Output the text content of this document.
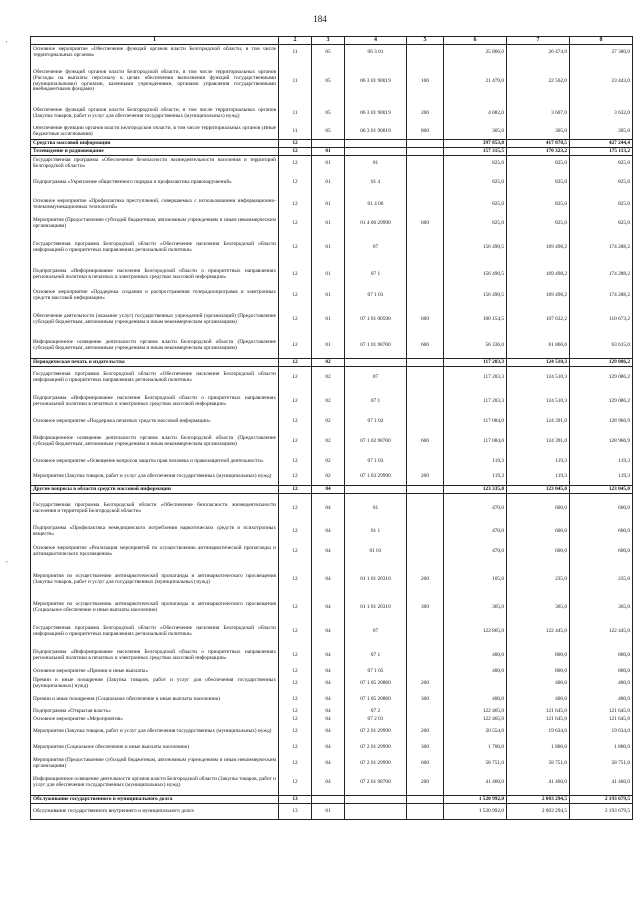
184
'
,
1	2	3	4	5	6	7	8
Основное мероприятие «Обеспечение функций органов власти Белгородской области, в том числе территориальных органов»	11	05	06 3 01		25 866,0	26 474,0	27 380,0
Обеспечение функций органов власти Белгородской области, в том числе территориальных органов (Расходы на выплаты персоналу в целях обеспечения выполнения функций государственными (муниципальными) органами, казенными учреждениями, органами управления государственными внебюджетными фондами)	11	05	06 3 01 90019	100	21 479,0	22 562,0	23 443,0
Обеспечение функций органов власти Белгородской области, в том числе территориальных органов (Закупка товаров, работ и услуг для обеспечения государственных (муниципальных) нужд)	11	05	06 3 01 90019	200	4 082,0	3 607,0	3 632,0
Обеспечение функций органов власти Белгородской области, в том числе территориальных органов (Иные бюджетные ассигнования)	11	05	06 3 01 90019	800	305,0	305,0	305,0
Средства массовой информации	12				397 853,8	417 878,5	427 244,4
Телевидение и радиовещание	12	01			157 315,5	170 323,2	175 113,2
Государственная программа «Обеспечение безопасности жизнедеятельности населения и территорий Белгородской области»	12	01	01		825,0	825,0	825,0
Подпрограмма «Укрепление общественного порядка и профилактика правонарушений»	12	01	01 4		825,0	825,0	825,0
Основное мероприятие «Профилактика преступлений, совершаемых с использованием информационно-телекоммуникационных технологий»	12	01	01 4 06		825,0	825,0	825,0
Мероприятия (Предоставление субсидий бюджетным, автономным учреждениям и иным некоммерческим организациям)	12	01	01 4 06 29990	600	825,0	825,0	825,0
Государственная программа Белгородской области «Обеспечение населения Белгородской области информацией о приоритетных направлениях региональной политики»	12	01	07		156 490,5	169 498,2	174 288,2
Подпрограмма «Информирование населения Белгородской области о приоритетных направлениях региональной политики в печатных и электронных средствах массовой информации»	12	01	07 1		156 490,5	169 498,2	174 288,2
Основное мероприятие «Поддержка создания и распространения телерадиопрограмм и электронных средств массовой информации»	12	01	07 1 01		156 490,5	169 498,2	174 288,2
Обеспечение деятельности (оказание услуг) государственных учреждений (организаций) (Предоставление субсидий бюджетным, автономным учреждениям и иным некоммерческим организациям)	12	01	07 1 01 00590	600	100 154,5	107 632,2	110 673,2
Информационное освещение деятельности органов власти Белгородской области (Предоставление субсидий бюджетным, автономным учреждениям и иным некоммерческим организациям)	12	01	07 1 01 98700	600	56 336,0	61 866,0	63 615,0
Периодическая печать и издательства	12	02			117 203,3	124 510,3	129 086,2
Государственная программа Белгородской области «Обеспечение населения Белгородской области информацией о приоритетных направлениях региональной политики»	12	02	07		117 203,3	124 510,3	129 086,2
Подпрограмма «Информирование населения Белгородской области о приоритетных направлениях региональной политики в печатных и электронных средствах массовой информации»	12	02	07 1		117 203,3	124 510,3	129 086,2
Основное мероприятие «Поддержка печатных средств массовой информации»	12	02	07 1 02		117 084,0	124 391,0	128 966,9
Информационное освещение деятельности органов власти Белгородской области (Предоставление субсидий бюджетным, автономным учреждениям и иным некоммерческим организациям)	12	02	07 1 02 98700	600	117 084,0	124 391,0	128 966,9
Основное мероприятие «Освещение вопросов защиты прав человека и правозащитной деятельности»	12	02	07 1 03		119,3	119,3	119,3
Мероприятия (Закупка товаров, работ и услуг для обеспечения государственных (муниципальных) нужд)	12	02	07 1 03 29990	200	119,3	119,3	119,3
Другие вопросы в области средств массовой информации	12	04			123 335,0	123 045,0	123 045,0
Государственная программа Белгородской области «Обеспечение безопасности жизнедеятельности населения и территорий Белгородской области»	12	04	01		470,0	600,0	600,0
Подпрограмма «Профилактика немедицинского потребления наркотических средств и психотропных веществ»	12	04	01 1		470,0	600,0	600,0
Основное мероприятие «Реализация мероприятий по осуществлению антинаркотической пропаганды и антинаркотического просвещения»	12	04	01 01		470,0	600,0	600,0
Мероприятия по осуществлению антинаркотической пропаганды и антинаркотического просвещения (Закупка товаров, работ и услуг для государственных (муниципальных) нужд)	12	04	01 1 01 20310	200	105,0	235,0	235,0
Мероприятия по осуществлению антинаркотической пропаганды и антинаркотического просвещения (Социальное обеспечение и иные выплаты населению)	12	04	01 1 01 20310	300	365,0	365,0	365,0
Государственная программа Белгородской области «Обеспечение населения Белгородской области информацией о приоритетных направлениях региональной политики»	12	04	07		122 865,0	122 445,0	122 445,0
Подпрограмма «Информирование населения Белгородской области о приоритетных направлениях региональной политики в печатных и электронных средствах массовой информации»	12	04	07 1		400,0	800,0	800,0
Основное мероприятие «Премии и иные выплаты»	12	04	07 1 05		400,0	800,0	800,0
Премии и иные поощрения (Закупка товаров, работ и услуг для обеспечения государственных (муниципальных) нужд)	12	04	07 1 05 20860	200		400,0	400,0
Премии и иные поощрения (Социальное обеспечение и иные выплаты населению)	12	04	07 1 05 20860	300	400,0	400,0	400,0
Подпрограмма «Открытая власть»	12	04	07 2		122 465,0	121 645,0	121 645,0
Основное мероприятие «Мероприятия»	12	04	07 2 01		122 465,0	121 645,0	121 645,0
Мероприятия (Закупка товаров, работ и услуг для обеспечения государственных (муниципальных) нужд)	12	04	07 2 01 29990	200	20 554,0	19 634,0	19 634,0
Мероприятия (Социальное обеспечение и иные выплаты населению)	12	04	07 2 01 29990	300	1 700,0	1 800,0	1 800,0
Мероприятия (Предоставление субсидий бюджетным, автономным учреждениям и иным некоммерческим организациям)	12	04	07 2 01 29990	600	58 751,0	58 751,0	58 751,0
Информационное освещение деятельности органов власти Белгородской области (Закупка товаров, работ и услуг для обеспечения государственных (муниципальных) нужд)	12	04	07 2 01 98700	200	41 460,0	41 460,0	41 460,0
Обслуживание государственного и муниципального долга	13				1 520 992,0	2 003 294,5	2 193 679,5
Обслуживание государственного внутреннего и муниципального долга	13	01			1 520 992,0	2 003 294,5	2 193 679,5
